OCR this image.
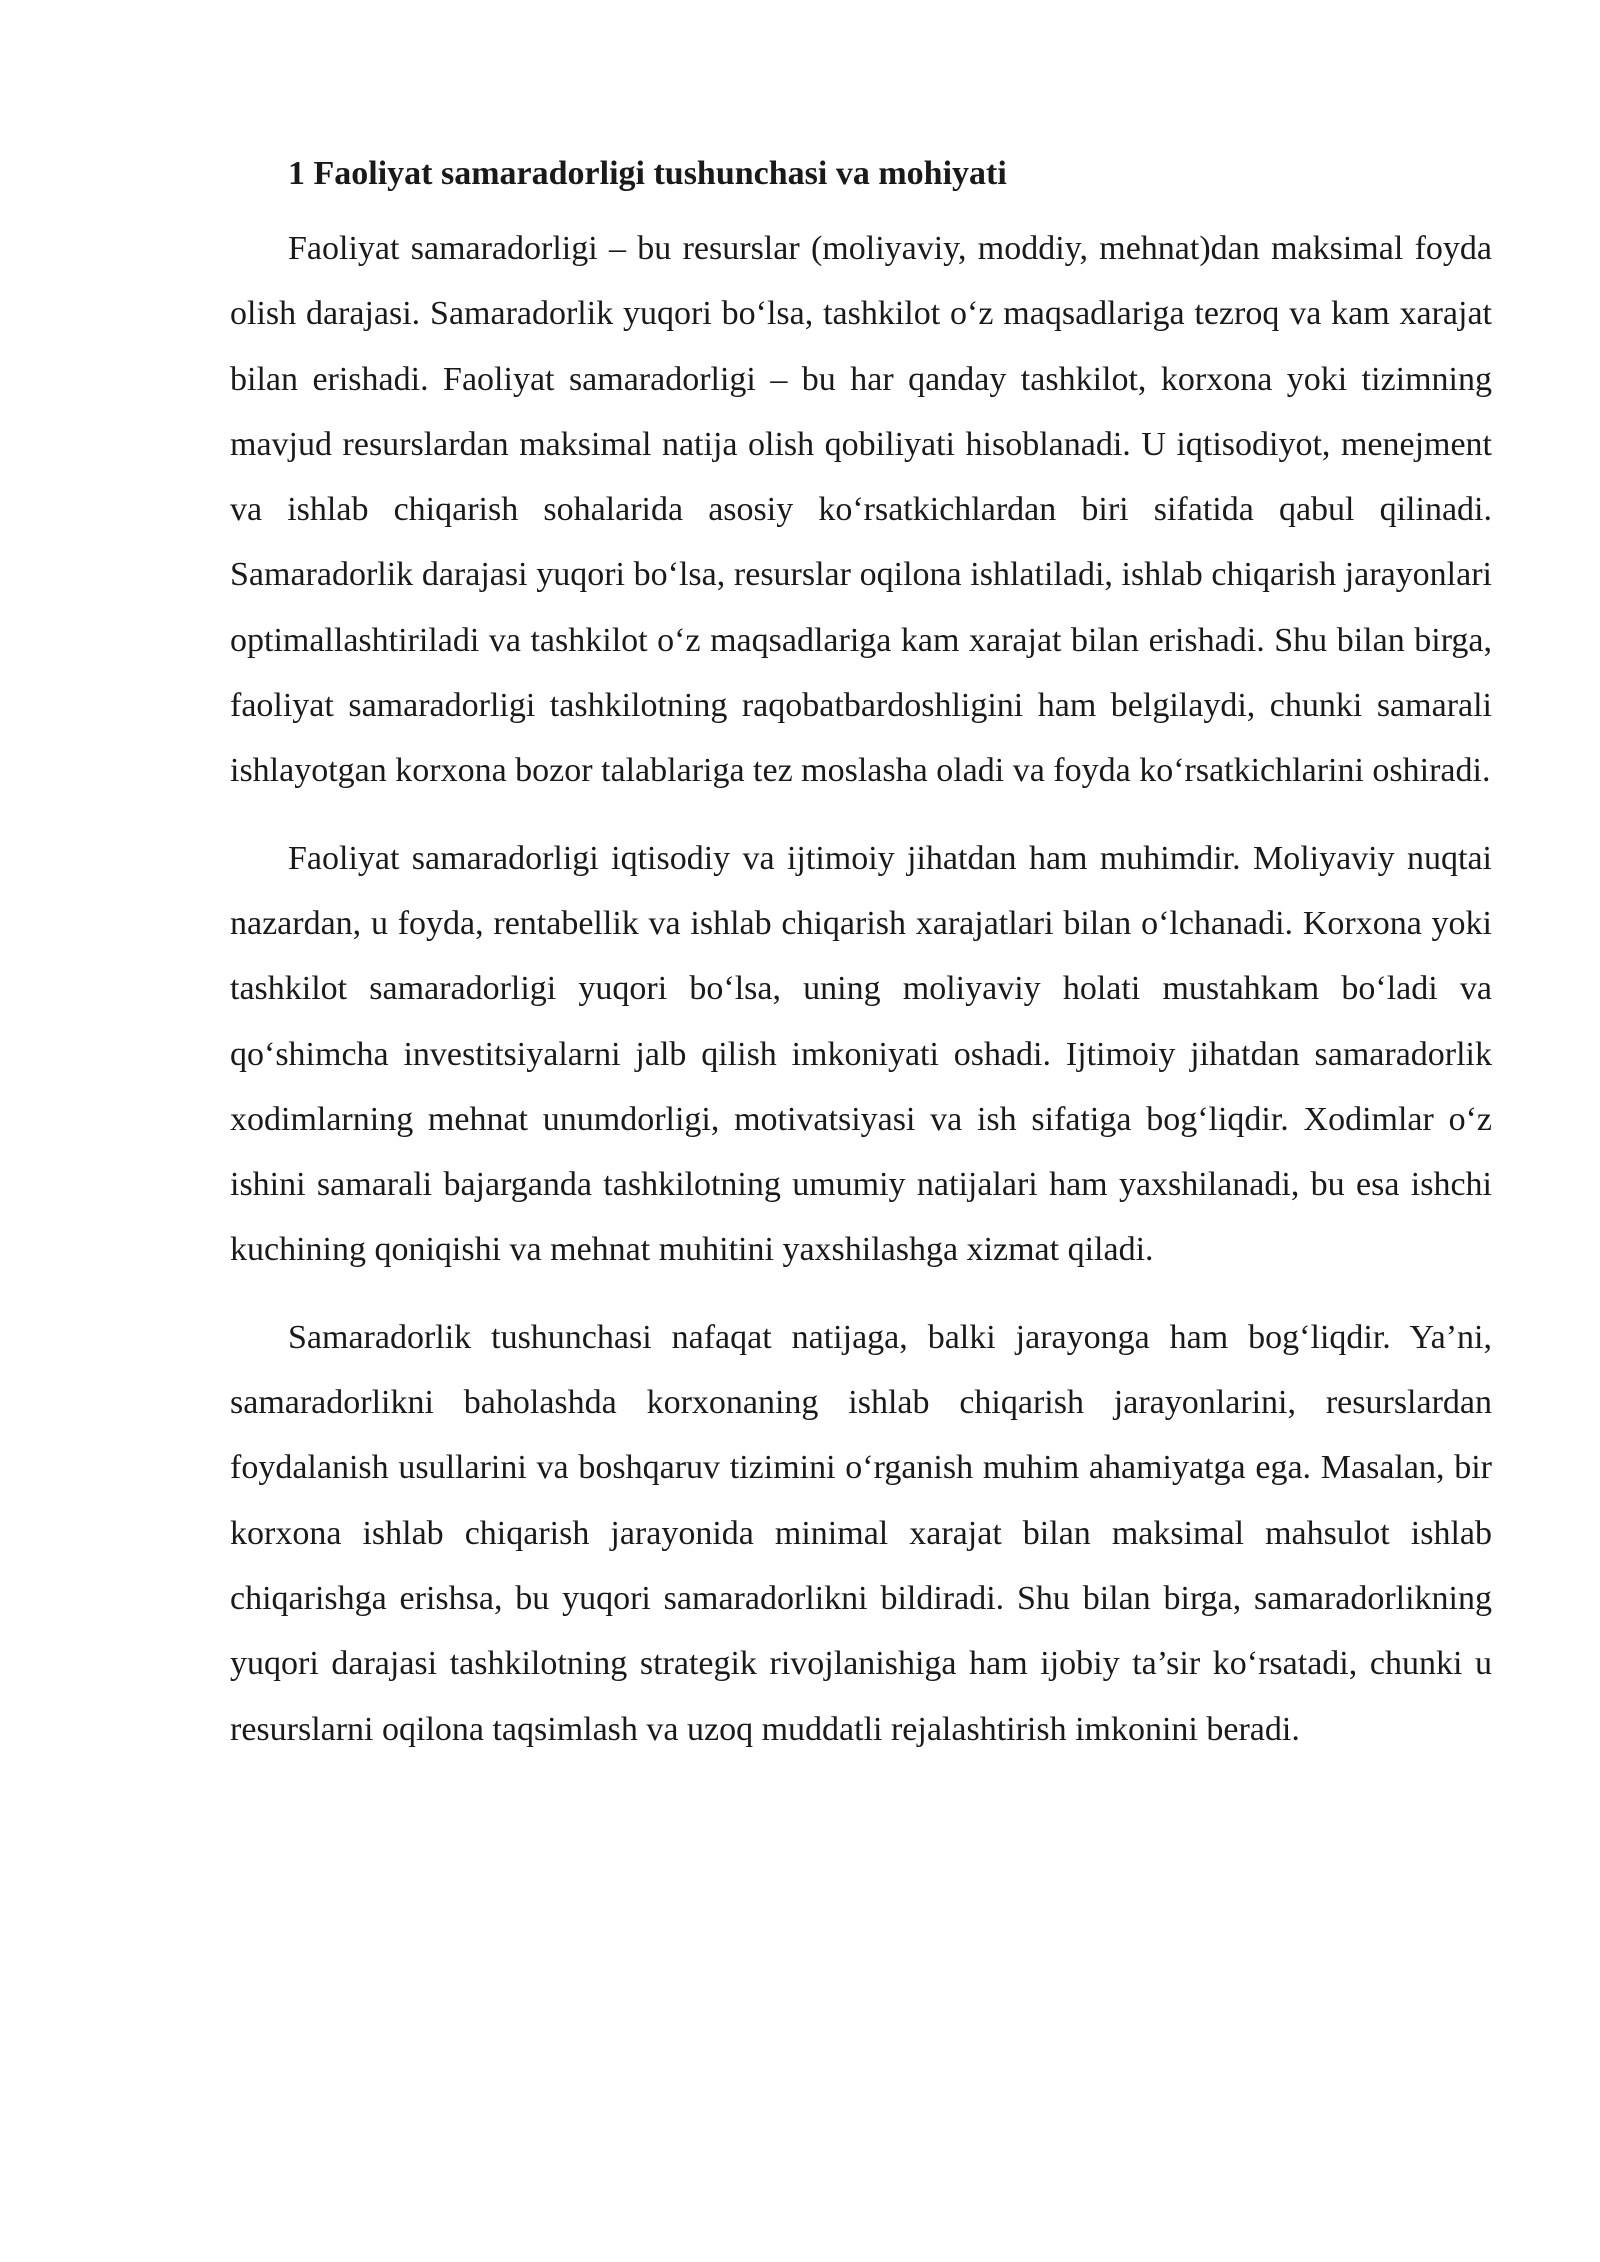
1 Faoliyat samaradorligi tushunchasi va mohiyati

Faoliyat samaradorligi – bu resurslar (moliyaviy, moddiy, mehnat)dan maksimal foyda olish darajasi. Samaradorlik yuqori bo‘lsa, tashkilot o‘z maqsadlariga tezroq va kam xarajat bilan erishadi. Faoliyat samaradorligi – bu har qanday tashkilot, korxona yoki tizimning mavjud resurslardan maksimal natija olish qobiliyati hisoblanadi. U iqtisodiyot, menejment va ishlab chiqarish sohalarida asosiy ko‘rsatkichlardan biri sifatida qabul qilinadi. Samaradorlik darajasi yuqori bo‘lsa, resurslar oqilona ishlatiladi, ishlab chiqarish jarayonlari optimallashtiriladi va tashkilot o‘z maqsadlariga kam xarajat bilan erishadi. Shu bilan birga, faoliyat samaradorligi tashkilotning raqobatbardoshligini ham belgilaydi, chunki samarali ishlayotgan korxona bozor talablariga tez moslasha oladi va foyda ko‘rsatkichlarini oshiradi.

Faoliyat samaradorligi iqtisodiy va ijtimoiy jihatdan ham muhimdir. Moliyaviy nuqtai nazardan, u foyda, rentabellik va ishlab chiqarish xarajatlari bilan o‘lchanadi. Korxona yoki tashkilot samaradorligi yuqori bo‘lsa, uning moliyaviy holati mustahkam bo‘ladi va qo‘shimcha investitsiyalarni jalb qilish imkoniyati oshadi. Ijtimoiy jihatdan samaradorlik xodimlarning mehnat unumdorligi, motivatsiyasi va ish sifatiga bog‘liqdir. Xodimlar o‘z ishini samarali bajarganda tashkilotning umumiy natijalari ham yaxshilanadi, bu esa ishchi kuchining qoniqishi va mehnat muhitini yaxshilashga xizmat qiladi.

Samaradorlik tushunchasi nafaqat natijaga, balki jarayonga ham bog‘liqdir. Ya’ni, samaradorlikni baholashda korxonaning ishlab chiqarish jarayonlarini, resurslardan foydalanish usullarini va boshqaruv tizimini o‘rganish muhim ahamiyatga ega. Masalan, bir korxona ishlab chiqarish jarayonida minimal xarajat bilan maksimal mahsulot ishlab chiqarishga erishsa, bu yuqori samaradorlikni bildiradi. Shu bilan birga, samaradorlikning yuqori darajasi tashkilotning strategik rivojlanishiga ham ijobiy ta’sir ko‘rsatadi, chunki u resurslarni oqilona taqsimlash va uzoq muddatli rejalashtirish imkonini beradi.
